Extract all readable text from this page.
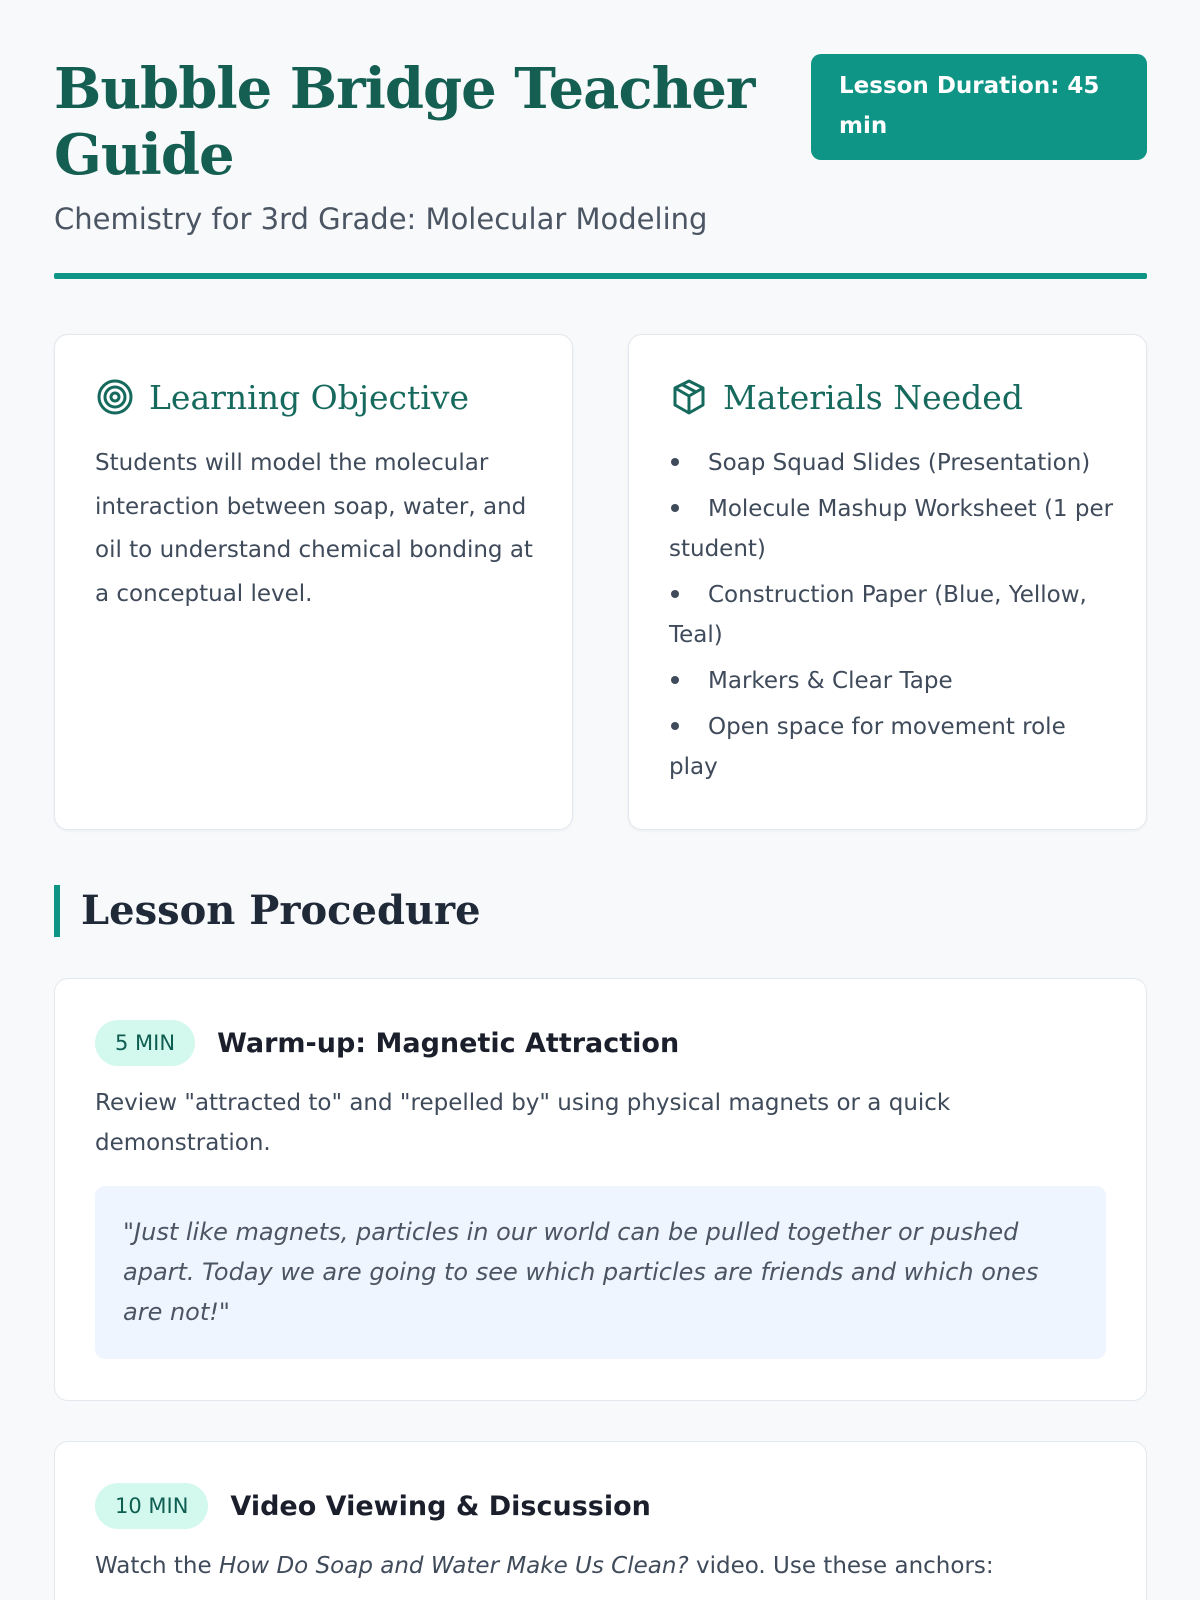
Bubble Bridge Teacher Guide
Lesson Duration: 45 min
Chemistry for 3rd Grade: Molecular Modeling
Learning Objective

Students will model the molecular interaction between soap, water, and oil to understand chemical bonding at a conceptual level.

Materials Needed
Soap Squad Slides (Presentation)
Molecule Mashup Worksheet (1 per student)
Construction Paper (Blue, Yellow, Teal)
Markers & Clear Tape
Open space for movement role play
Lesson Procedure
5 MIN	Warm-up: Magnetic Attraction

Review "attracted to" and "repelled by" using physical magnets or a quick demonstration.

"Just like magnets, particles in our world can be pulled together or pushed apart. Today we are going to see which particles are friends and which ones are not!"
10 MIN	Video Viewing & Discussion

Watch the How Do Soap and Water Make Us Clean? video. Use these anchors:
